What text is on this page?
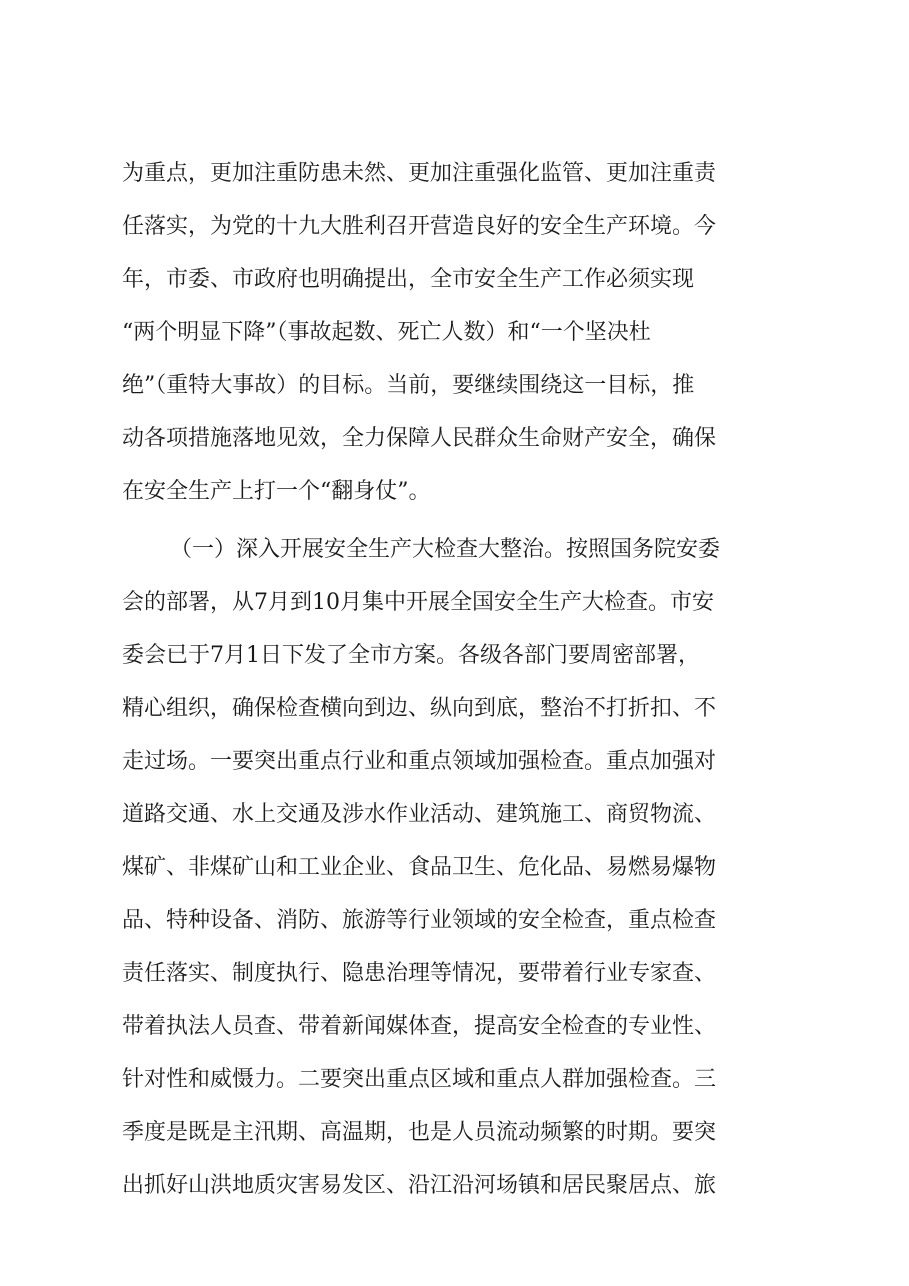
为重点，更加注重防患未然、更加注重强化监管、更加注重责
任落实，为党的十九大胜利召开营造良好的安全生产环境。今
年，市委、市政府也明确提出，全市安全生产工作必须实现
“两个明显下降”（事故起数、死亡人数）和“一个坚决杜
绝”（重特大事故）的目标。当前，要继续围绕这一目标，推
动各项措施落地见效，全力保障人民群众生命财产安全，确保
在安全生产上打一个“翻身仗”。
（一）深入开展安全生产大检查大整治。按照国务院安委
会的部署，从7月到10月集中开展全国安全生产大检查。市安
委会已于7月1日下发了全市方案。各级各部门要周密部署，
精心组织，确保检查横向到边、纵向到底，整治不打折扣、不
走过场。一要突出重点行业和重点领域加强检查。重点加强对
道路交通、水上交通及涉水作业活动、建筑施工、商贸物流、
煤矿、非煤矿山和工业企业、食品卫生、危化品、易燃易爆物
品、特种设备、消防、旅游等行业领域的安全检查，重点检查
责任落实、制度执行、隐患治理等情况，要带着行业专家查、
带着执法人员查、带着新闻媒体查，提高安全检查的专业性、
针对性和威慑力。二要突出重点区域和重点人群加强检查。三
季度是既是主汛期、高温期，也是人员流动频繁的时期。要突
出抓好山洪地质灾害易发区、沿江沿河场镇和居民聚居点、旅
